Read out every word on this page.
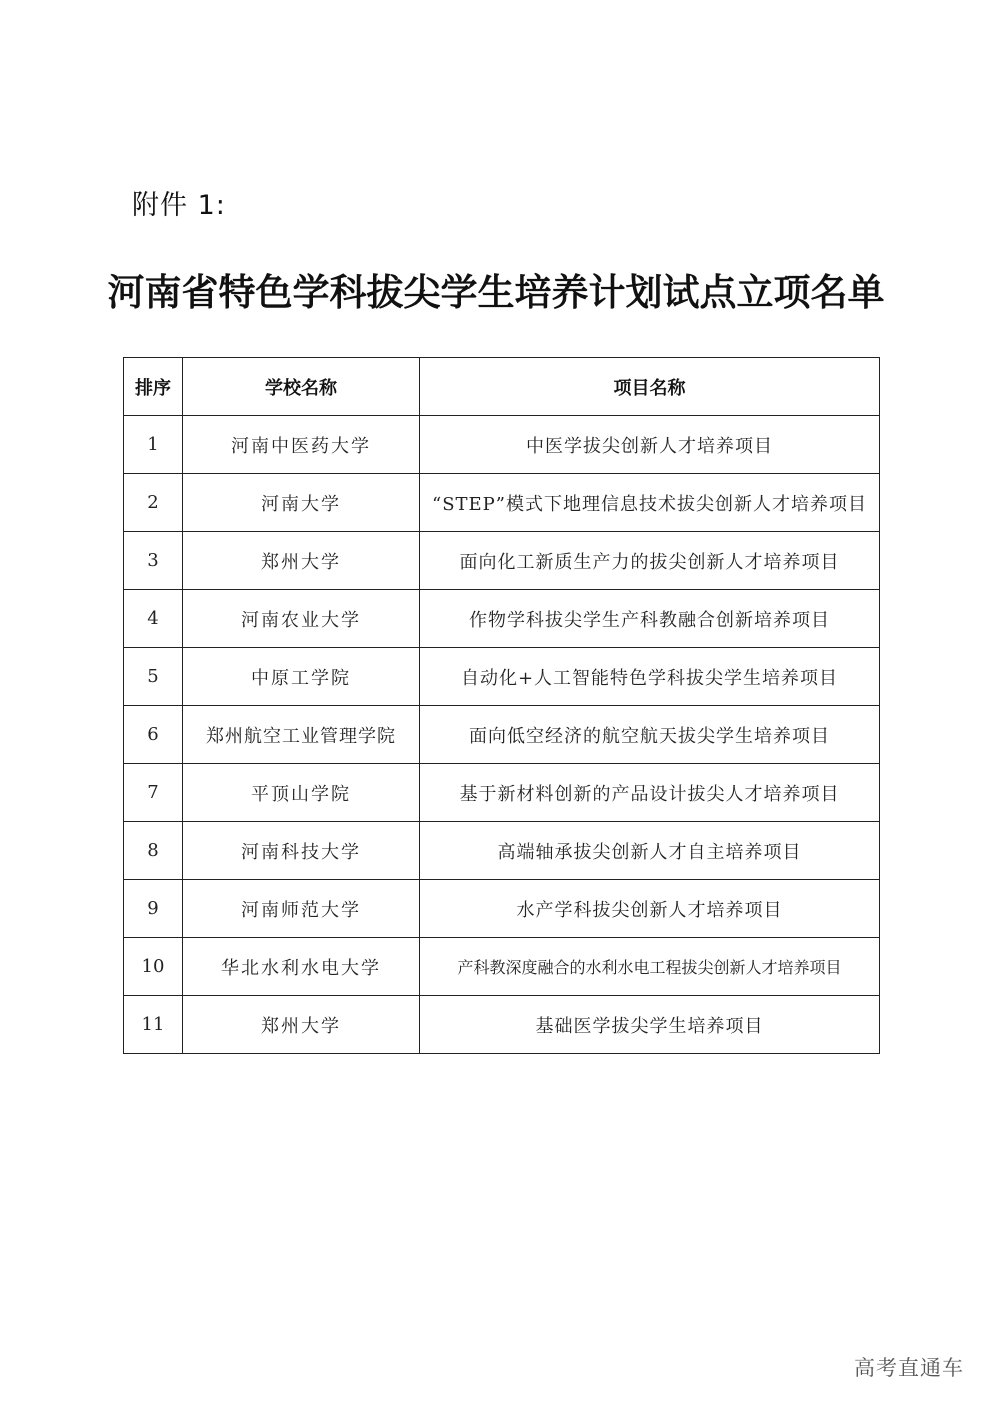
附件 1:
河南省特色学科拔尖学生培养计划试点立项名单
排序	学校名称	项目名称
1	河南中医药大学	中医学拔尖创新人才培养项目
2	河南大学	“STEP”模式下地理信息技术拔尖创新人才培养项目
3	郑州大学	面向化工新质生产力的拔尖创新人才培养项目
4	河南农业大学	作物学科拔尖学生产科教融合创新培养项目
5	中原工学院	自动化+人工智能特色学科拔尖学生培养项目
6	郑州航空工业管理学院	面向低空经济的航空航天拔尖学生培养项目
7	平顶山学院	基于新材料创新的产品设计拔尖人才培养项目
8	河南科技大学	高端轴承拔尖创新人才自主培养项目
9	河南师范大学	水产学科拔尖创新人才培养项目
10	华北水利水电大学	产科教深度融合的水利水电工程拔尖创新人才培养项目
11	郑州大学	基础医学拔尖学生培养项目
高考直通车
